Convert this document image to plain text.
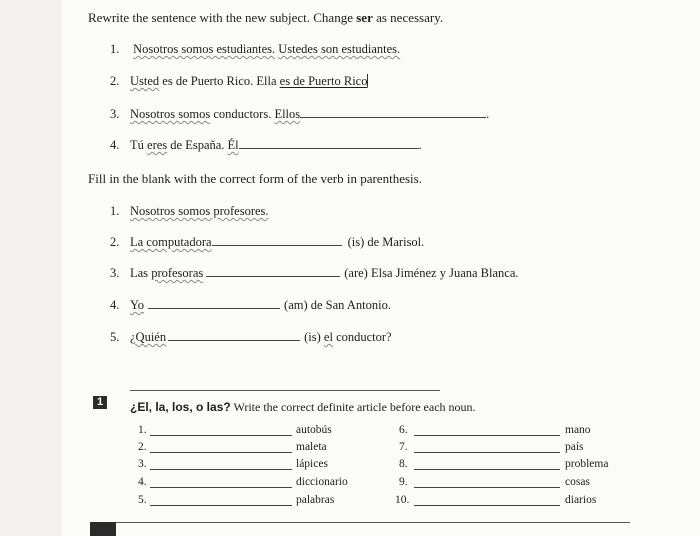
Rewrite the sentence with the new subject. Change ser as necessary.
1. Nosotros somos estudiantes. Ustedes son estudiantes.
2. Usted es de Puerto Rico. Ella es de Puerto Rico
3. Nosotros somos conductors. Ellos	.
4. Tú eres de España. Él	.
Fill in the blank with the correct form of the verb in parenthesis.
1. Nosotros somos profesores.
2. La computadora	(is) de Marisol.
3. Las profesoras	(are) Elsa Jiménez y Juana Blanca.
4. Yo	(am) de San Antonio.
5. ¿Quién	(is) el conductor?
1	¿El, la, los, o las? Write the correct definite article before each noun.
1.	autobús
2.	maleta
3.	lápices
4.	diccionario
5.	palabras
6.	mano
7.	país
8.	problema
9.	cosas
10.	diarios
